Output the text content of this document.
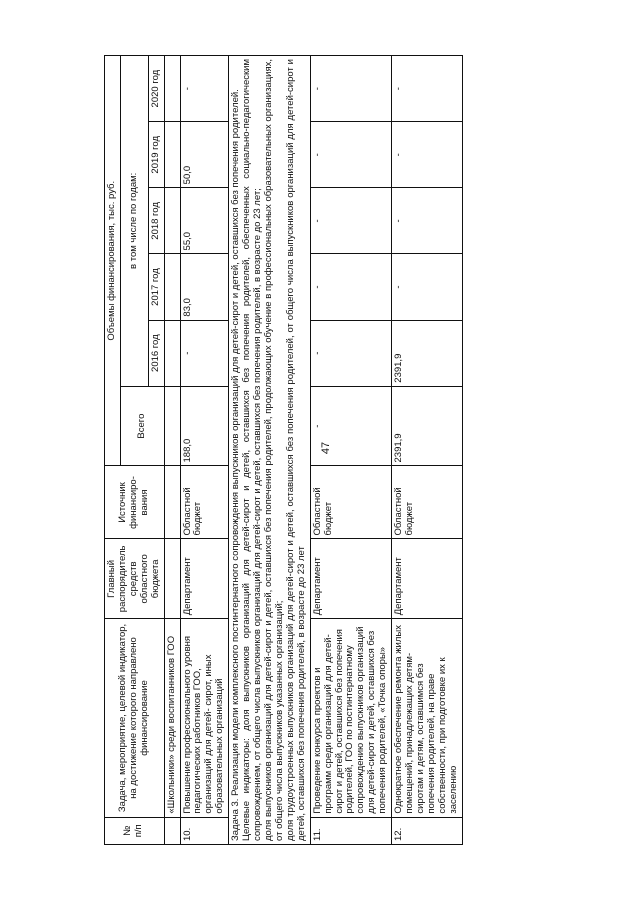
47
№ п/п	Задача, мероприятие, целевой индикатор, на достижение которого направлено финансирование	Главный распорядитель средств областного бюджета	Источник финансиро-вания	Объемы финансирования, тыс. руб.					
				Всего	в том числе по годам:				
					2016 год	2017 год	2018 год	2019 год	2020 год
	«Школьники» среди воспитанников ГОО								
10.	Повышение профессионального уровня педагогических работников ГОО, организаций для детей- сирот, иных образовательных организаций	Департамент	Областной бюджет	188,0	-	83,0	55,0	50,0	-

Задача 3. Реализация модели комплексного постинтернатного сопровождения выпускников организаций для детей-сирот и детей, оставшихся без попечения родителей. Целевые индикаторы: доля выпускников организаций для детей-сирот и детей, оставшихся без попечения родителей, обеспеченных социально-педагогическим сопровождением, от общего числа выпускников организаций для детей-сирот и детей, оставшихся без попечения родителей, в возрасте до 23 лет; доля выпускников организаций для детей-сирот и детей, оставшихся без попечения родителей, продолжающих обучение в профессиональных образовательных организациях, от общего числа выпускников указанных организаций; доля трудоустроенных выпускников организаций для детей-сирот и детей, оставшихся без попечения родителей, от общего числа выпускников организаций для детей-сирот и детей, оставшихся без попечения родителей, в возрасте до 23 лет									

11.	Проведение конкурса проектов и программ среди организаций для детей-сирот и детей, оставшихся без попечения родителей, ГОО по постинтернатному сопровождению выпускников организаций для детей-сирот и детей, оставшихся без попечения родителей, «Точка опоры»	Департамент	Областной бюджет	-	-	-	-	-	-
12.	Однократное обеспечение ремонта жилых помещений, принадлежащих детям-сиротам и детям, оставшимся без попечения родителей, на праве собственности, при подготовке их к заселению	Департамент	Областной бюджет	2391,9	2391,9	-	-	-	-
